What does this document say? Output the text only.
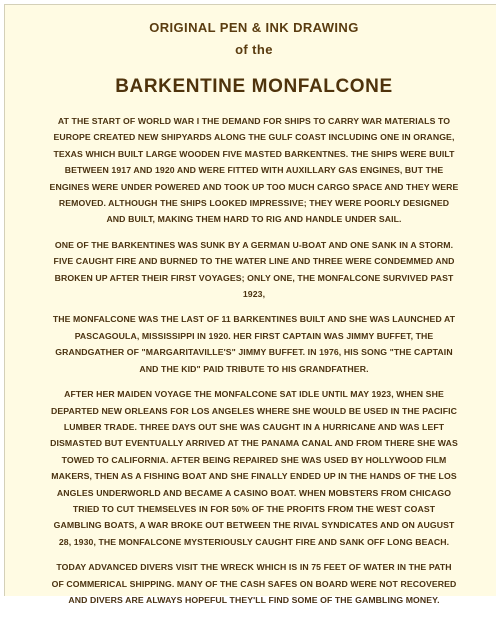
ORIGINAL PEN & INK DRAWING

of the

BARKENTINE MONFALCONE

AT THE START OF WORLD WAR I THE DEMAND FOR SHIPS TO CARRY WAR MATERIALS TO
EUROPE CREATED NEW SHIPYARDS ALONG THE GULF COAST INCLUDING ONE IN ORANGE,
TEXAS WHICH BUILT LARGE WOODEN FIVE MASTED BARKENTNES. THE SHIPS WERE BUILT
BETWEEN 1917 AND 1920 AND WERE FITTED WITH AUXILLARY GAS ENGINES, BUT THE
ENGINES WERE UNDER POWERED AND TOOK UP TOO MUCH CARGO SPACE AND THEY WERE
REMOVED. ALTHOUGH THE SHIPS LOOKED IMPRESSIVE; THEY WERE POORLY DESIGNED
AND BUILT, MAKING THEM HARD TO RIG AND HANDLE UNDER SAIL.

ONE OF THE BARKENTINES WAS SUNK BY A GERMAN U-BOAT AND ONE SANK IN A STORM.
FIVE CAUGHT FIRE AND BURNED TO THE WATER LINE AND THREE WERE CONDEMMED AND
BROKEN UP AFTER THEIR FIRST VOYAGES; ONLY ONE, THE MONFALCONE SURVIVED PAST
1923,

THE MONFALCONE WAS THE LAST OF 11 BARKENTINES BUILT AND SHE WAS LAUNCHED AT
PASCAGOULA, MISSISSIPPI IN 1920. HER FIRST CAPTAIN WAS JIMMY BUFFET, THE
GRANDGATHER OF "MARGARITAVILLE'S" JIMMY BUFFET. IN 1976, HIS SONG "THE CAPTAIN
AND THE KID" PAID TRIBUTE TO HIS GRANDFATHER.

AFTER HER MAIDEN VOYAGE THE MONFALCONE SAT IDLE UNTIL MAY 1923, WHEN SHE
DEPARTED NEW ORLEANS FOR LOS ANGELES WHERE SHE WOULD BE USED IN THE PACIFIC
LUMBER TRADE. THREE DAYS OUT SHE WAS CAUGHT IN A HURRICANE AND WAS LEFT
DISMASTED BUT EVENTUALLY ARRIVED AT THE PANAMA CANAL AND FROM THERE SHE WAS
TOWED TO CALIFORNIA. AFTER BEING REPAIRED SHE WAS USED BY HOLLYWOOD FILM
MAKERS, THEN AS A FISHING BOAT AND SHE FINALLY ENDED UP IN THE HANDS OF THE LOS
ANGLES UNDERWORLD AND BECAME A CASINO BOAT. WHEN MOBSTERS FROM CHICAGO
TRIED TO CUT THEMSELVES IN FOR 50% OF THE PROFITS FROM THE WEST COAST
GAMBLING BOATS, A WAR BROKE OUT BETWEEN THE RIVAL SYNDICATES AND ON AUGUST
28, 1930, THE MONFALCONE MYSTERIOUSLY CAUGHT FIRE AND SANK OFF LONG BEACH.

TODAY ADVANCED DIVERS VISIT THE WRECK WHICH IS IN 75 FEET OF WATER IN THE PATH
OF COMMERICAL SHIPPING. MANY OF THE CASH SAFES ON BOARD WERE NOT RECOVERED
AND DIVERS ARE ALWAYS HOPEFUL THEY'LL FIND SOME OF THE GAMBLING MONEY.
